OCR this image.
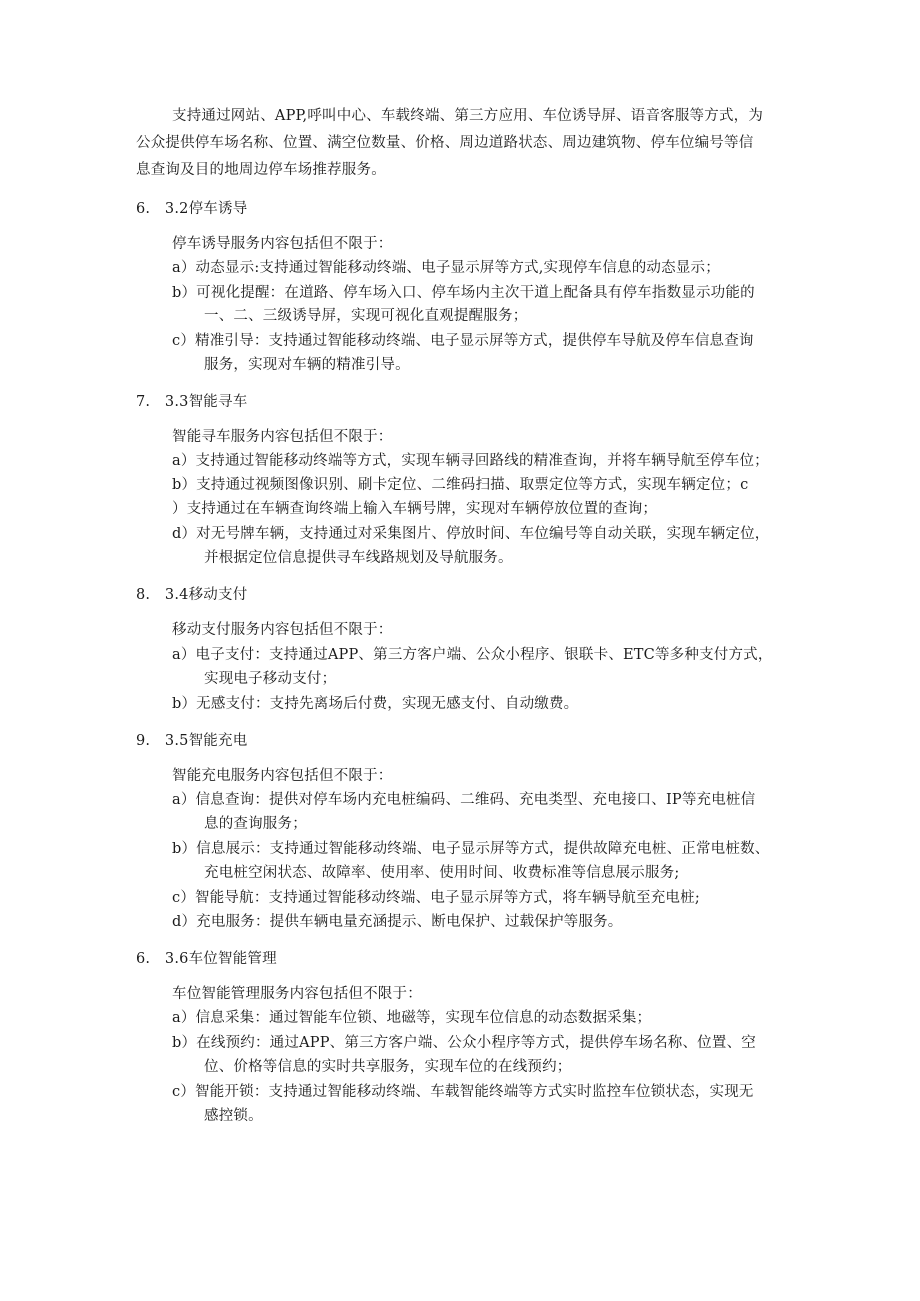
支持通过网站、APP,呼叫中心、车载终端、第三方应用、车位诱导屏、语音客服等方式，为
公众提供停车场名称、位置、满空位数量、价格、周边道路状态、周边建筑物、停车位编号等信
息查询及目的地周边停车场推荐服务。
6.　3.2停车诱导
停车诱导服务内容包括但不限于：
a）动态显示:支持通过智能移动终端、电子显示屏等方式,实现停车信息的动态显示；
b）可视化提醒：在道路、停车场入口、停车场内主次干道上配备具有停车指数显示功能的
一、二、三级诱导屏，实现可视化直观提醒服务；
c）精准引导：支持通过智能移动终端、电子显示屏等方式，提供停车导航及停车信息查询
服务，实现对车辆的精准引导。
7.　3.3智能寻车
智能寻车服务内容包括但不限于：
a）支持通过智能移动终端等方式，实现车辆寻回路线的精准查询，并将车辆导航至停车位；
b）支持通过视频图像识别、刷卡定位、二维码扫描、取票定位等方式，实现车辆定位；c
）支持通过在车辆查询终端上输入车辆号牌，实现对车辆停放位置的查询；
d）对无号牌车辆，支持通过对采集图片、停放时间、车位编号等自动关联，实现车辆定位，
并根据定位信息提供寻车线路规划及导航服务。
8.　3.4移动支付
移动支付服务内容包括但不限于：
a）电子支付：支持通过APP、第三方客户端、公众小程序、银联卡、ETC等多种支付方式，
实现电子移动支付；
b）无感支付：支持先离场后付费，实现无感支付、自动缴费。
9.　3.5智能充电
智能充电服务内容包括但不限于：
a）信息查询：提供对停车场内充电桩编码、二维码、充电类型、充电接口、IP等充电桩信
息的查询服务；
b）信息展示：支持通过智能移动终端、电子显示屏等方式，提供故障充电桩、正常电桩数、
充电桩空闲状态、故障率、使用率、使用时间、收费标准等信息展示服务;
c）智能导航：支持通过智能移动终端、电子显示屏等方式，将车辆导航至充电桩;
d）充电服务：提供车辆电量充涵提示、断电保护、过载保护等服务。
6.　3.6车位智能管理
车位智能管理服务内容包括但不限于：
a）信息采集：通过智能车位锁、地磁等，实现车位信息的动态数据采集；
b）在线预约：通过APP、第三方客户端、公众小程序等方式，提供停车场名称、位置、空
位、价格等信息的实时共享服务，实现车位的在线预约；
c）智能开锁：支持通过智能移动终端、车载智能终端等方式实时监控车位锁状态，实现无
感控锁。
